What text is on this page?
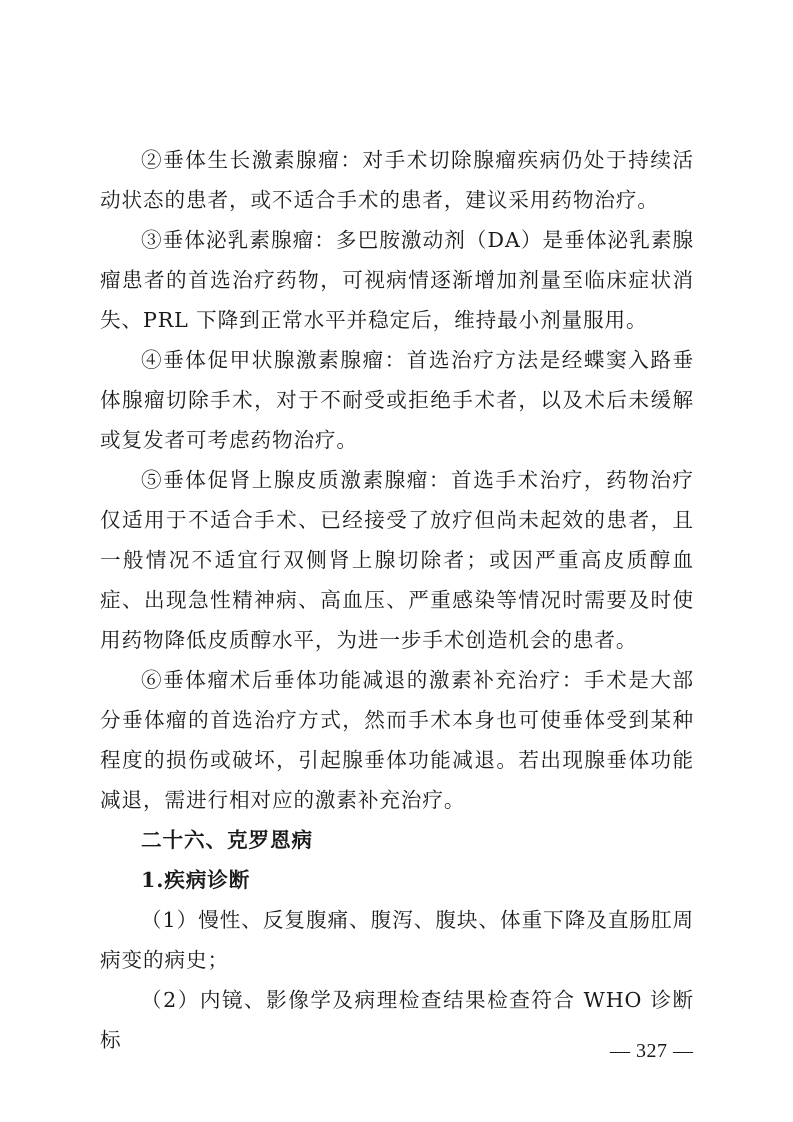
②垂体生长激素腺瘤：对手术切除腺瘤疾病仍处于持续活动状态的患者，或不适合手术的患者，建议采用药物治疗。

③垂体泌乳素腺瘤：多巴胺激动剂（DA）是垂体泌乳素腺瘤患者的首选治疗药物，可视病情逐渐增加剂量至临床症状消失、PRL 下降到正常水平并稳定后，维持最小剂量服用。

④垂体促甲状腺激素腺瘤：首选治疗方法是经蝶窦入路垂体腺瘤切除手术，对于不耐受或拒绝手术者，以及术后未缓解或复发者可考虑药物治疗。

⑤垂体促肾上腺皮质激素腺瘤：首选手术治疗，药物治疗仅适用于不适合手术、已经接受了放疗但尚未起效的患者，且一般情况不适宜行双侧肾上腺切除者；或因严重高皮质醇血症、出现急性精神病、高血压、严重感染等情况时需要及时使用药物降低皮质醇水平，为进一步手术创造机会的患者。

⑥垂体瘤术后垂体功能减退的激素补充治疗：手术是大部分垂体瘤的首选治疗方式，然而手术本身也可使垂体受到某种程度的损伤或破坏，引起腺垂体功能减退。若出现腺垂体功能减退，需进行相对应的激素补充治疗。

二十六、克罗恩病

1.疾病诊断

（1）慢性、反复腹痛、腹泻、腹块、体重下降及直肠肛周病变的病史；

（2）内镜、影像学及病理检查结果检查符合 WHO 诊断标	— 327 —
